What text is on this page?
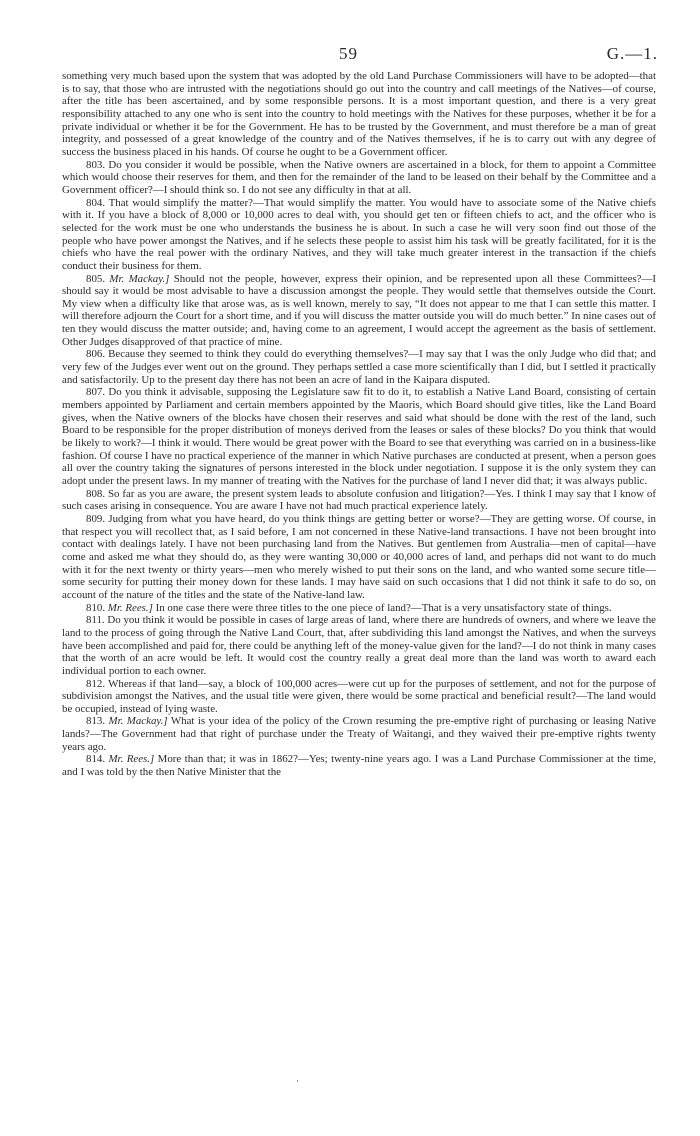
59	G.—1.

something very much based upon the system that was adopted by the old Land Purchase Commissioners will have to be adopted—that is to say, that those who are intrusted with the negotiations should go out into the country and call meetings of the Natives—of course, after the title has been ascertained, and by some responsible persons. It is a most important question, and there is a very great responsibility attached to any one who is sent into the country to hold meetings with the Natives for these purposes, whether it be for a private individual or whether it be for the Government. He has to be trusted by the Government, and must therefore be a man of great integrity, and possessed of a great knowledge of the country and of the Natives themselves, if he is to carry out with any degree of success the business placed in his hands. Of course he ought to be a Government officer.

803. Do you consider it would be possible, when the Native owners are ascertained in a block, for them to appoint a Committee which would choose their reserves for them, and then for the remainder of the land to be leased on their behalf by the Committee and a Government officer?—I should think so. I do not see any difficulty in that at all.

804. That would simplify the matter?—That would simplify the matter. You would have to associate some of the Native chiefs with it. If you have a block of 8,000 or 10,000 acres to deal with, you should get ten or fifteen chiefs to act, and the officer who is selected for the work must be one who understands the business he is about. In such a case he will very soon find out those of the people who have power amongst the Natives, and if he selects these people to assist him his task will be greatly facilitated, for it is the chiefs who have the real power with the ordinary Natives, and they will take much greater interest in the transaction if the chiefs conduct their business for them.

805. Mr. Mackay.] Should not the people, however, express their opinion, and be represented upon all these Committees?—I should say it would be most advisable to have a discussion amongst the people. They would settle that themselves outside the Court. My view when a difficulty like that arose was, as is well known, merely to say, “It does not appear to me that I can settle this matter. I will therefore adjourn the Court for a short time, and if you will discuss the matter outside you will do much better.” In nine cases out of ten they would discuss the matter outside; and, having come to an agreement, I would accept the agreement as the basis of settlement. Other Judges disapproved of that practice of mine.

806. Because they seemed to think they could do everything themselves?—I may say that I was the only Judge who did that; and very few of the Judges ever went out on the ground. They perhaps settled a case more scientifically than I did, but I settled it practically and satisfactorily. Up to the present day there has not been an acre of land in the Kaipara disputed.

807. Do you think it advisable, supposing the Legislature saw fit to do it, to establish a Native Land Board, consisting of certain members appointed by Parliament and certain members appointed by the Maoris, which Board should give titles, like the Land Board gives, when the Native owners of the blocks have chosen their reserves and said what should be done with the rest of the land, such Board to be responsible for the proper distribution of moneys derived from the leases or sales of these blocks? Do you think that would be likely to work?—I think it would. There would be great power with the Board to see that everything was carried on in a business-like fashion. Of course I have no practical experience of the manner in which Native purchases are conducted at present, when a person goes all over the country taking the signatures of persons interested in the block under negotiation. I suppose it is the only system they can adopt under the present laws. In my manner of treating with the Natives for the purchase of land I never did that; it was always public.

808. So far as you are aware, the present system leads to absolute confusion and litigation?—Yes. I think I may say that I know of such cases arising in consequence. You are aware I have not had much practical experience lately.

809. Judging from what you have heard, do you think things are getting better or worse?—They are getting worse. Of course, in that respect you will recollect that, as I said before, I am not concerned in these Native-land transactions. I have not been brought into contact with dealings lately. I have not been purchasing land from the Natives. But gentlemen from Australia—men of capital—have come and asked me what they should do, as they were wanting 30,000 or 40,000 acres of land, and perhaps did not want to do much with it for the next twenty or thirty years—men who merely wished to put their sons on the land, and who wanted some secure title—some security for putting their money down for these lands. I may have said on such occasions that I did not think it safe to do so, on account of the nature of the titles and the state of the Native-land law.

810. Mr. Rees.] In one case there were three titles to the one piece of land?—That is a very unsatisfactory state of things.

811. Do you think it would be possible in cases of large areas of land, where there are hundreds of owners, and where we leave the land to the process of going through the Native Land Court, that, after subdividing this land amongst the Natives, and when the surveys have been accomplished and paid for, there could be anything left of the money-value given for the land?—I do not think in many cases that the worth of an acre would be left. It would cost the country really a great deal more than the land was worth to award each individual portion to each owner.

812. Whereas if that land—say, a block of 100,000 acres—were cut up for the purposes of settlement, and not for the purpose of subdivision amongst the Natives, and the usual title were given, there would be some practical and beneficial result?—The land would be occupied, instead of lying waste.

813. Mr. Mackay.] What is your idea of the policy of the Crown resuming the pre-emptive right of purchasing or leasing Native lands?—The Government had that right of purchase under the Treaty of Waitangi, and they waived their pre-emptive rights twenty years ago.

814. Mr. Rees.] More than that; it was in 1862?—Yes; twenty-nine years ago. I was a Land Purchase Commissioner at the time, and I was told by the then Native Minister that the

·
